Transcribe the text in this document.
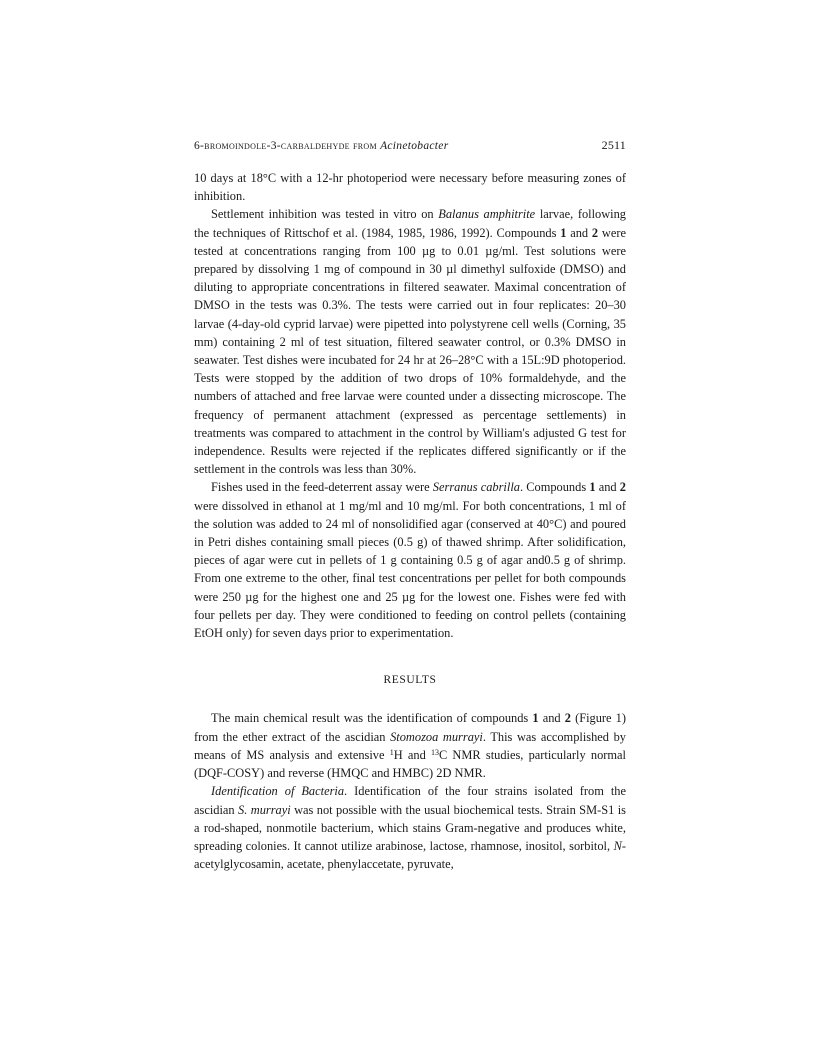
6-bromoindole-3-carbaldehyde from Acinetobacter	2511

10 days at 18°C with a 12-hr photoperiod were necessary before measuring zones of inhibition.

Settlement inhibition was tested in vitro on Balanus amphitrite larvae, following the techniques of Rittschof et al. (1984, 1985, 1986, 1992). Compounds 1 and 2 were tested at concentrations ranging from 100 µg to 0.01 µg/ml. Test solutions were prepared by dissolving 1 mg of compound in 30 µl dimethyl sulfoxide (DMSO) and diluting to appropriate concentrations in filtered seawater. Maximal concentration of DMSO in the tests was 0.3%. The tests were carried out in four replicates: 20–30 larvae (4-day-old cyprid larvae) were pipetted into polystyrene cell wells (Corning, 35 mm) containing 2 ml of test situation, filtered seawater control, or 0.3% DMSO in seawater. Test dishes were incubated for 24 hr at 26–28°C with a 15L:9D photoperiod. Tests were stopped by the addition of two drops of 10% formaldehyde, and the numbers of attached and free larvae were counted under a dissecting microscope. The frequency of permanent attachment (expressed as percentage settlements) in treatments was compared to attachment in the control by William's adjusted G test for independence. Results were rejected if the replicates differed significantly or if the settlement in the controls was less than 30%.

Fishes used in the feed-deterrent assay were Serranus cabrilla. Compounds 1 and 2 were dissolved in ethanol at 1 mg/ml and 10 mg/ml. For both concentrations, 1 ml of the solution was added to 24 ml of nonsolidified agar (conserved at 40°C) and poured in Petri dishes containing small pieces (0.5 g) of thawed shrimp. After solidification, pieces of agar were cut in pellets of 1 g containing 0.5 g of agar and0.5 g of shrimp. From one extreme to the other, final test concentrations per pellet for both compounds were 250 µg for the highest one and 25 µg for the lowest one. Fishes were fed with four pellets per day. They were conditioned to feeding on control pellets (containing EtOH only) for seven days prior to experimentation.

RESULTS

The main chemical result was the identification of compounds 1 and 2 (Figure 1) from the ether extract of the ascidian Stomozoa murrayi. This was accomplished by means of MS analysis and extensive $^1$H and $^{13}$C NMR studies, particularly normal (DQF-COSY) and reverse (HMQC and HMBC) 2D NMR.

Identification of Bacteria. Identification of the four strains isolated from the ascidian S. murrayi was not possible with the usual biochemical tests. Strain SM-S1 is a rod-shaped, nonmotile bacterium, which stains Gram-negative and produces white, spreading colonies. It cannot utilize arabinose, lactose, rhamnose, inositol, sorbitol, N-acetylglycosamin, acetate, phenylaccetate, pyruvate,
